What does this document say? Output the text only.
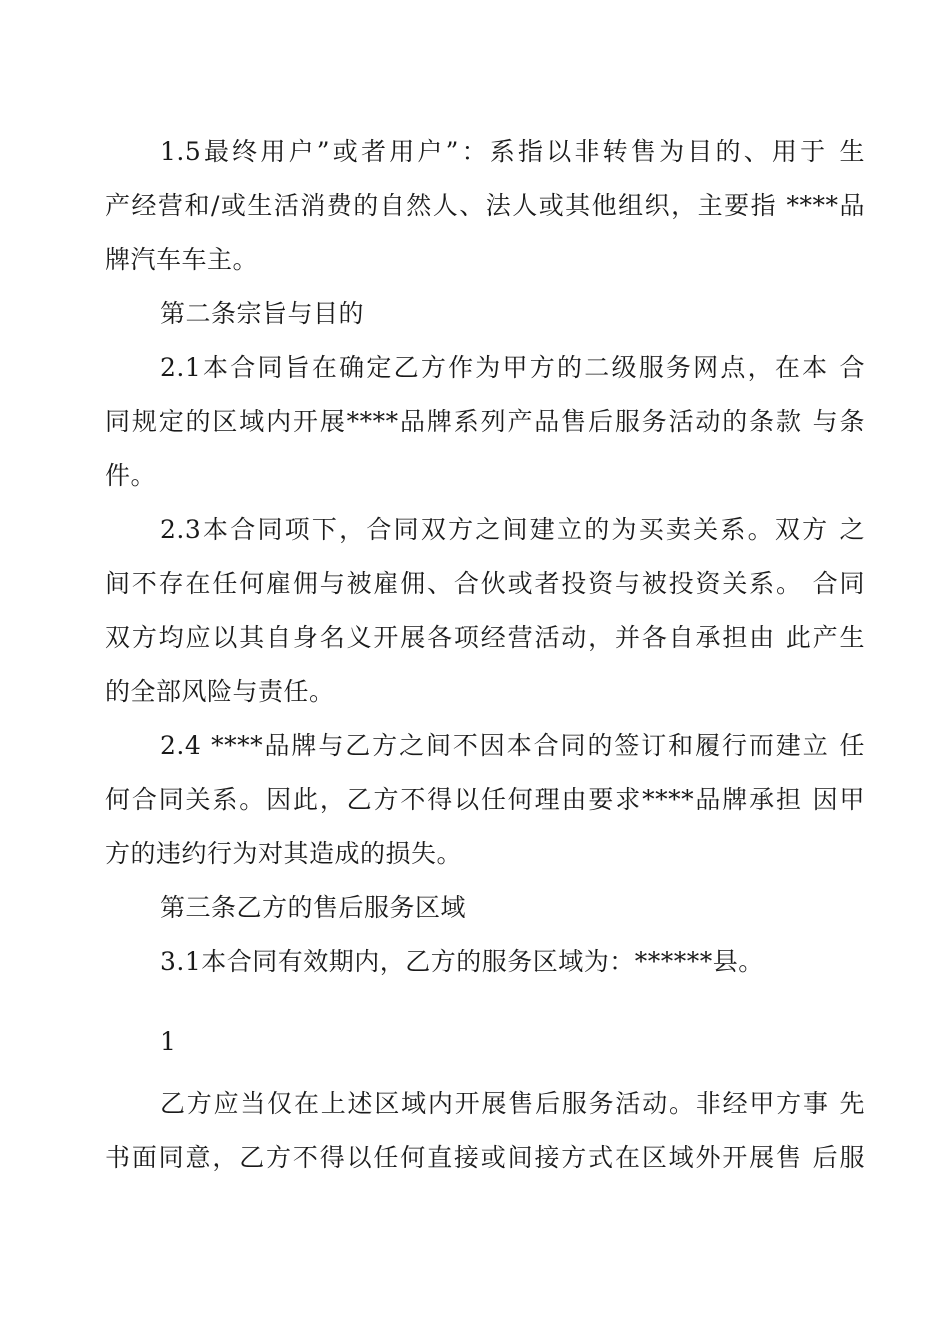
1.5最终用户”或者用户”：系指以非转售为目的、用于 生
产经营和/或生活消费的自然人、法人或其他组织，主要指 ****品
牌汽车车主。
第二条宗旨与目的
2.1本合同旨在确定乙方作为甲方的二级服务网点，在本 合
同规定的区域内开展****品牌系列产品售后服务活动的条款 与条
件。
2.3本合同项下，合同双方之间建立的为买卖关系。双方 之
间不存在任何雇佣与被雇佣、合伙或者投资与被投资关系。 合同
双方均应以其自身名义开展各项经营活动，并各自承担由 此产生
的全部风险与责任。
2.4 ****品牌与乙方之间不因本合同的签订和履行而建立 任
何合同关系。因此，乙方不得以任何理由要求****品牌承担 因甲
方的违约行为对其造成的损失。
第三条乙方的售后服务区域
3.1本合同有效期内，乙方的服务区域为：******县。
1
乙方应当仅在上述区域内开展售后服务活动。非经甲方事 先
书面同意，乙方不得以任何直接或间接方式在区域外开展售 后服
